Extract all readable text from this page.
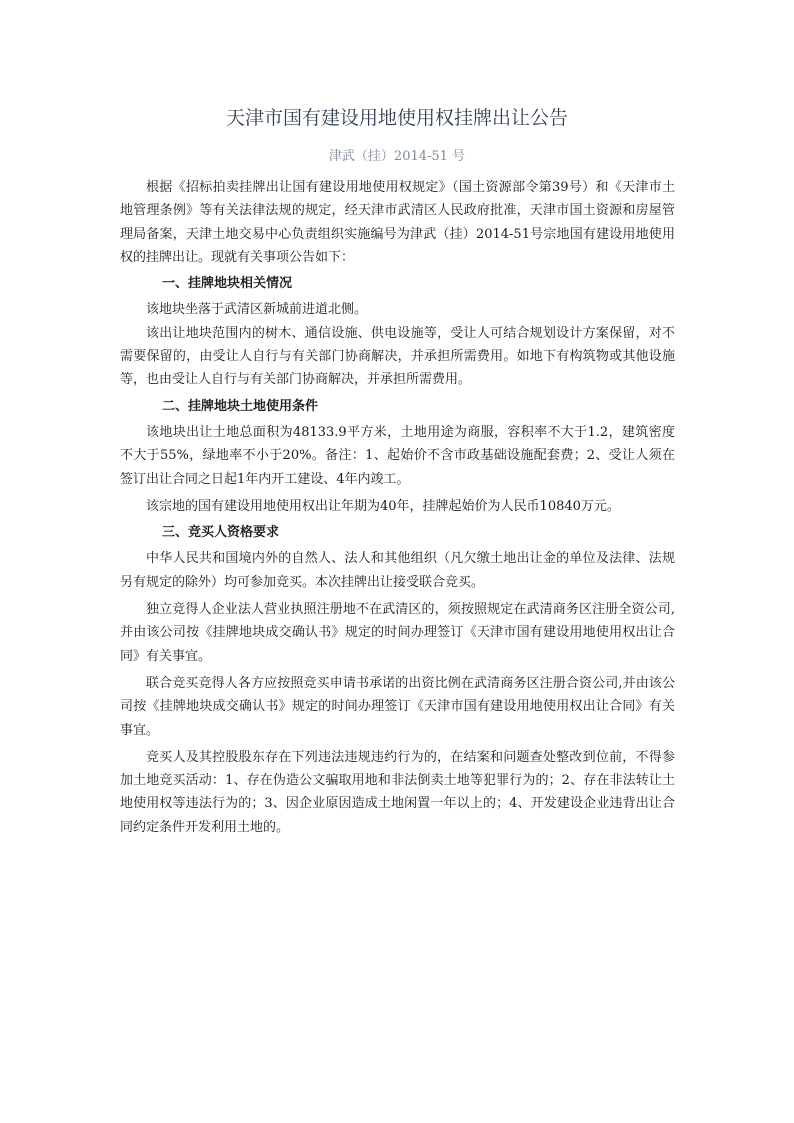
天津市国有建设用地使用权挂牌出让公告
津武（挂）2014-51 号

根据《招标拍卖挂牌出让国有建设用地使用权规定》（国土资源部令第39号）和《天津市土地管理条例》等有关法律法规的规定，经天津市武清区人民政府批准，天津市国土资源和房屋管理局备案，天津土地交易中心负责组织实施编号为津武（挂）2014-51号宗地国有建设用地使用权的挂牌出让。现就有关事项公告如下：

一、挂牌地块相关情况

该地块坐落于武清区新城前进道北侧。

该出让地块范围内的树木、通信设施、供电设施等，受让人可结合规划设计方案保留，对不需要保留的，由受让人自行与有关部门协商解决，并承担所需费用。如地下有构筑物或其他设施等，也由受让人自行与有关部门协商解决，并承担所需费用。

二、挂牌地块土地使用条件

该地块出让土地总面积为48133.9平方米，土地用途为商服，容积率不大于1.2，建筑密度不大于55%，绿地率不小于20%。备注：1、起始价不含市政基础设施配套费；2、受让人须在签订出让合同之日起1年内开工建设、4年内竣工。

该宗地的国有建设用地使用权出让年期为40年，挂牌起始价为人民币10840万元。

三、竞买人资格要求

中华人民共和国境内外的自然人、法人和其他组织（凡欠缴土地出让金的单位及法律、法规另有规定的除外）均可参加竞买。本次挂牌出让接受联合竞买。

独立竞得人企业法人营业执照注册地不在武清区的，须按照规定在武清商务区注册全资公司,并由该公司按《挂牌地块成交确认书》规定的时间办理签订《天津市国有建设用地使用权出让合同》有关事宜。

联合竞买竞得人各方应按照竞买申请书承诺的出资比例在武清商务区注册合资公司,并由该公司按《挂牌地块成交确认书》规定的时间办理签订《天津市国有建设用地使用权出让合同》有关事宜。

竞买人及其控股股东存在下列违法违规违约行为的，在结案和问题查处整改到位前，不得参加土地竞买活动：1、存在伪造公文骗取用地和非法倒卖土地等犯罪行为的；2、存在非法转让土地使用权等违法行为的；3、因企业原因造成土地闲置一年以上的；4、开发建设企业违背出让合同约定条件开发利用土地的。
